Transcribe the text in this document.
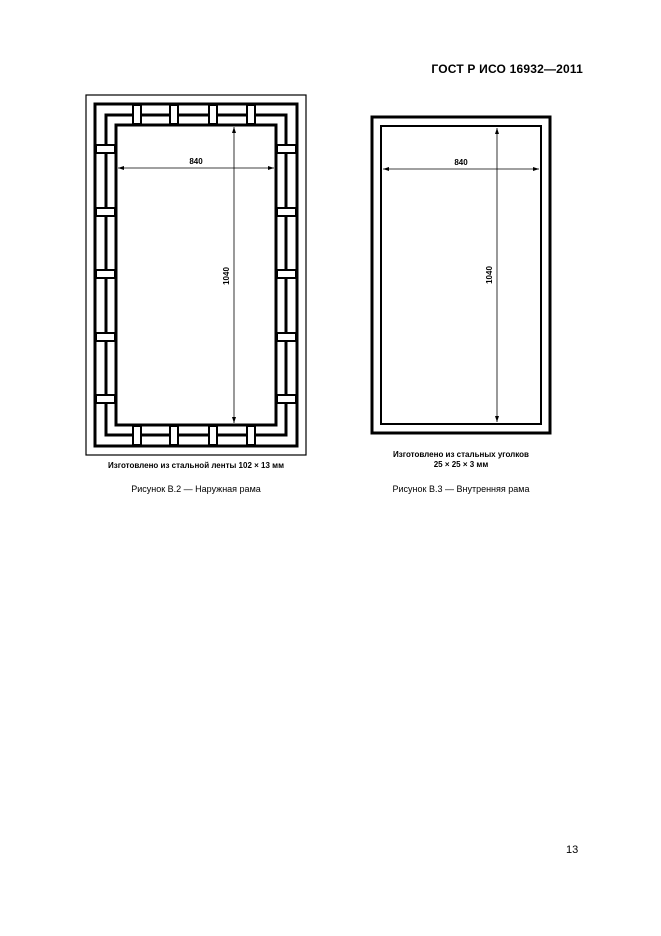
ГОСТ Р ИСО 16932—2011
840
1040
Изготовлено из стальной ленты 102 × 13 мм
Рисунок B.2 — Наружная рама
840
1040
Изготовлено из стальных уголков
25 × 25 × 3 мм
Рисунок B.3 — Внутренняя рама
13
